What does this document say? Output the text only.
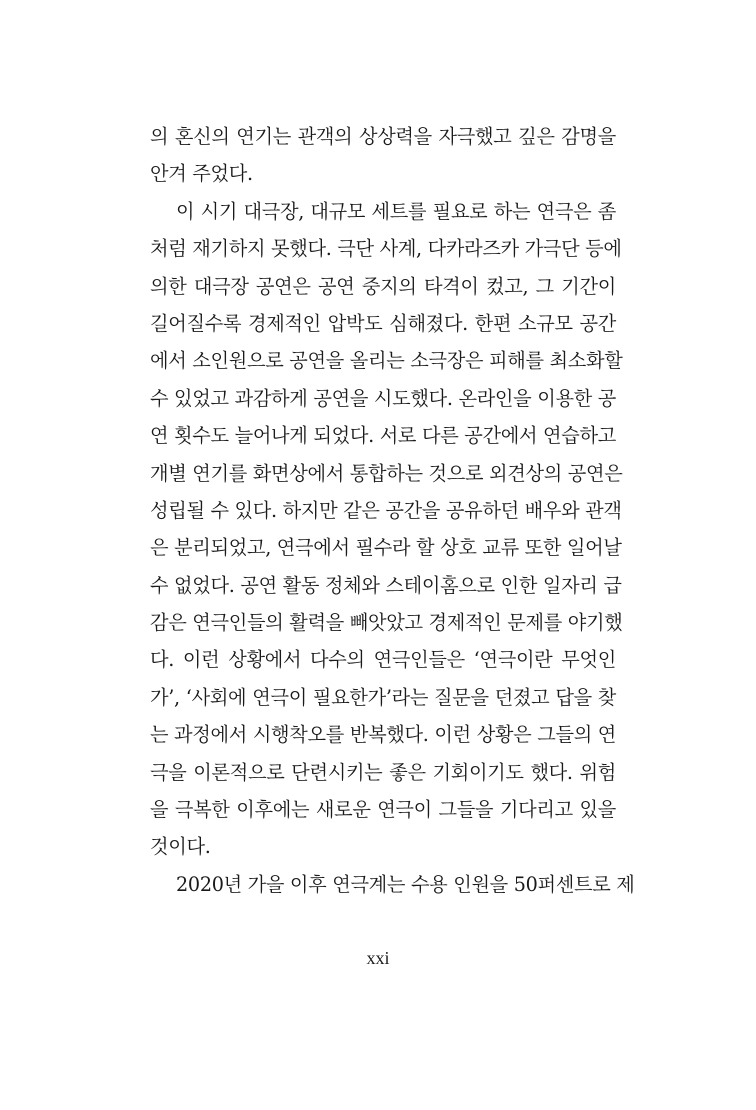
의 혼신의 연기는 관객의 상상력을 자극했고 깊은 감명을
안겨 주었다.
이 시기 대극장, 대규모 세트를 필요로 하는 연극은 좀
처럼 재기하지 못했다. 극단 사계, 다카라즈카 가극단 등에
의한 대극장 공연은 공연 중지의 타격이 컸고, 그 기간이
길어질수록 경제적인 압박도 심해졌다. 한편 소규모 공간
에서 소인원으로 공연을 올리는 소극장은 피해를 최소화할
수 있었고 과감하게 공연을 시도했다. 온라인을 이용한 공
연 횟수도 늘어나게 되었다. 서로 다른 공간에서 연습하고
개별 연기를 화면상에서 통합하는 것으로 외견상의 공연은
성립될 수 있다. 하지만 같은 공간을 공유하던 배우와 관객
은 분리되었고, 연극에서 필수라 할 상호 교류 또한 일어날
수 없었다. 공연 활동 정체와 스테이홈으로 인한 일자리 급
감은 연극인들의 활력을 빼앗았고 경제적인 문제를 야기했
다. 이런 상황에서 다수의 연극인들은 ‘연극이란 무엇인
가’, ‘사회에 연극이 필요한가’라는 질문을 던졌고 답을 찾
는 과정에서 시행착오를 반복했다. 이런 상황은 그들의 연
극을 이론적으로 단련시키는 좋은 기회이기도 했다. 위험
을 극복한 이후에는 새로운 연극이 그들을 기다리고 있을
것이다.
2020년 가을 이후 연극계는 수용 인원을 50퍼센트로 제
xxi
